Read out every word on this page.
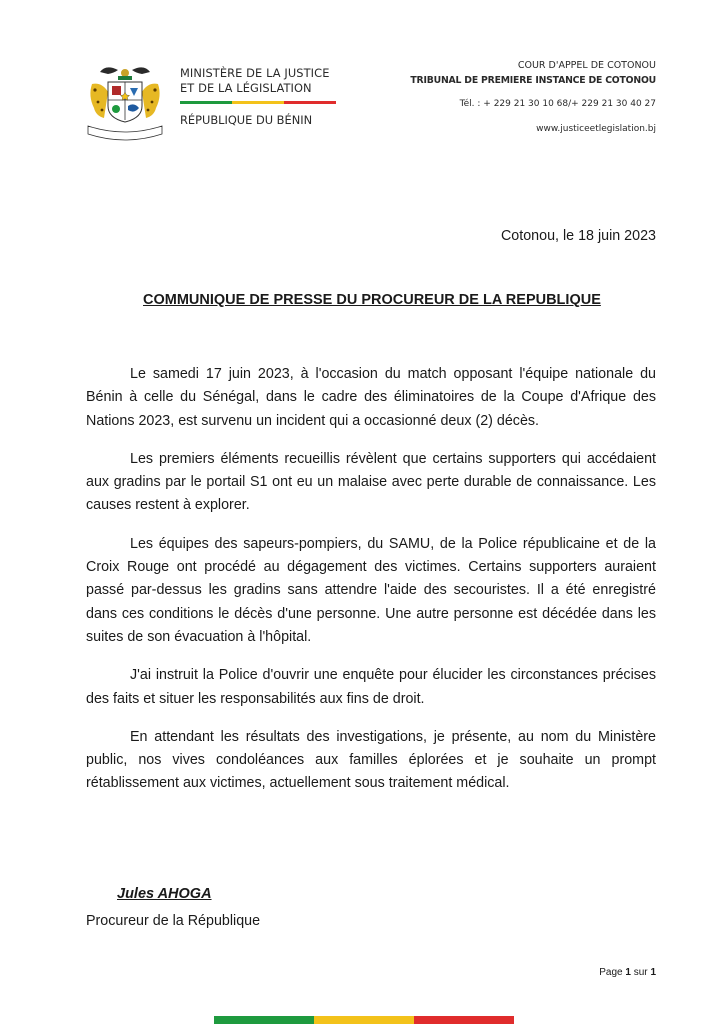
MINISTÈRE DE LA JUSTICE
ET DE LA LÉGISLATION
RÉPUBLIQUE DU BÉNIN
COUR D'APPEL DE COTONOU
TRIBUNAL DE PREMIERE INSTANCE DE COTONOU
Tél. : + 229 21 30 10 68/+ 229 21 30 40 27
www.justiceetlegislation.bj
Cotonou, le 18 juin 2023
COMMUNIQUE DE PRESSE DU PROCUREUR DE LA REPUBLIQUE

Le samedi 17 juin 2023, à l'occasion du match opposant l'équipe nationale du Bénin à celle du Sénégal, dans le cadre des éliminatoires de la Coupe d'Afrique des Nations 2023, est survenu un incident qui a occasionné deux (2) décès.

Les premiers éléments recueillis révèlent que certains supporters qui accédaient aux gradins par le portail S1 ont eu un malaise avec perte durable de connaissance. Les causes restent à explorer.

Les équipes des sapeurs-pompiers, du SAMU, de la Police républicaine et de la Croix Rouge ont procédé au dégagement des victimes. Certains supporters auraient passé par-dessus les gradins sans attendre l'aide des secouristes. Il a été enregistré dans ces conditions le décès d'une personne. Une autre personne est décédée dans les suites de son évacuation à l'hôpital.

J'ai instruit la Police d'ouvrir une enquête pour élucider les circonstances précises des faits et situer les responsabilités aux fins de droit.

En attendant les résultats des investigations, je présente, au nom du Ministère public, nos vives condoléances aux familles éplorées et je souhaite un prompt rétablissement aux victimes, actuellement sous traitement médical.

Jules AHOGA
Procureur de la République
Page 1 sur 1
